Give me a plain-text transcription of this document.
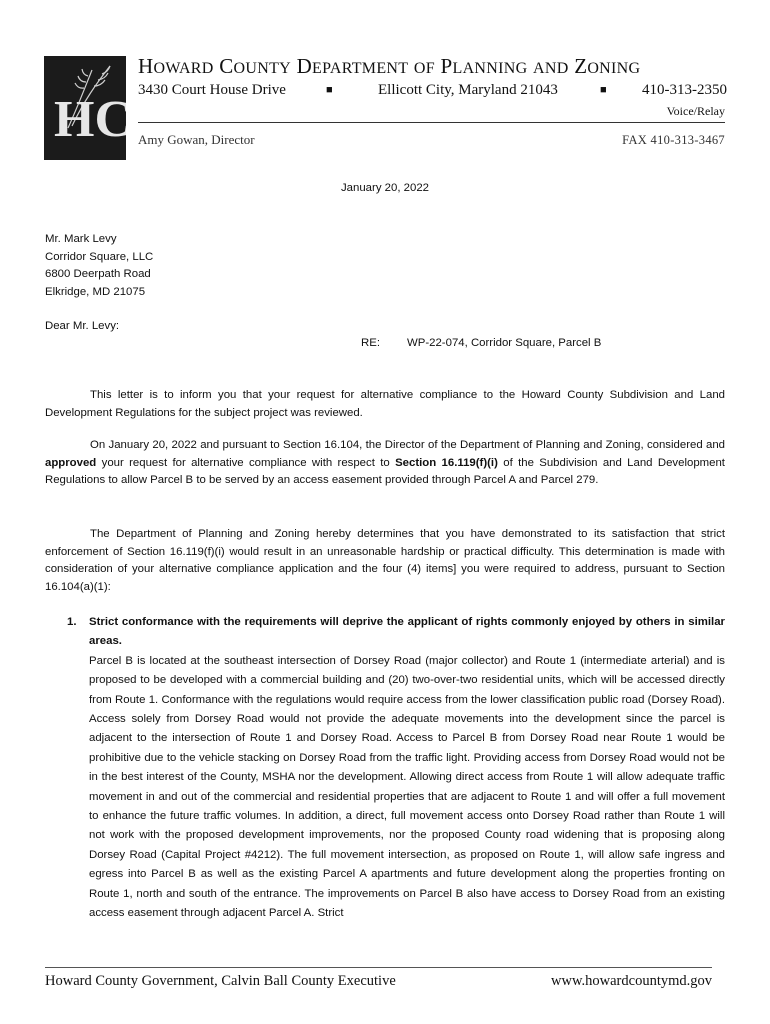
HC
HOWARD COUNTY DEPARTMENT OF PLANNING AND ZONING
3430 Court House Drive	■	Ellicott City, Maryland 21043	■ 410-313-2350
Voice/Relay
Amy Gowan, Director	FAX 410-313-3467
January 20, 2022
Mr. Mark Levy
Corridor Square, LLC
6800 Deerpath Road
Elkridge, MD 21075
Dear Mr. Levy:
RE: WP-22-074, Corridor Square, Parcel B

This letter is to inform you that your request for alternative compliance to the Howard County Subdivision and Land Development Regulations for the subject project was reviewed.

On January 20, 2022 and pursuant to Section 16.104, the Director of the Department of Planning and Zoning, considered and approved your request for alternative compliance with respect to Section 16.119(f)(i) of the Subdivision and Land Development Regulations to allow Parcel B to be served by an access easement provided through Parcel A and Parcel 279.

The Department of Planning and Zoning hereby determines that you have demonstrated to its satisfaction that strict enforcement of Section 16.119(f)(i) would result in an unreasonable hardship or practical difficulty. This determination is made with consideration of your alternative compliance application and the four (4) items] you were required to address, pursuant to Section 16.104(a)(1):

1. Strict conformance with the requirements will deprive the applicant of rights commonly enjoyed by others in similar areas.
Parcel B is located at the southeast intersection of Dorsey Road (major collector) and Route 1 (intermediate arterial) and is proposed to be developed with a commercial building and (20) two-over-two residential units, which will be accessed directly from Route 1. Conformance with the regulations would require access from the lower classification public road (Dorsey Road). Access solely from Dorsey Road would not provide the adequate movements into the development since the parcel is adjacent to the intersection of Route 1 and Dorsey Road. Access to Parcel B from Dorsey Road near Route 1 would be prohibitive due to the vehicle stacking on Dorsey Road from the traffic light. Providing access from Dorsey Road would not be in the best interest of the County, MSHA nor the development. Allowing direct access from Route 1 will allow adequate traffic movement in and out of the commercial and residential properties that are adjacent to Route 1 and will offer a full movement to enhance the future traffic volumes. In addition, a direct, full movement access onto Dorsey Road rather than Route 1 will not work with the proposed development improvements, nor the proposed County road widening that is proposing along Dorsey Road (Capital Project #4212). The full movement intersection, as proposed on Route 1, will allow safe ingress and egress into Parcel B as well as the existing Parcel A apartments and future development along the properties fronting on Route 1, north and south of the entrance. The improvements on Parcel B also have access to Dorsey Road from an existing access easement through adjacent Parcel A. Strict
Howard County Government, Calvin Ball County Executive	www.howardcountymd.gov
